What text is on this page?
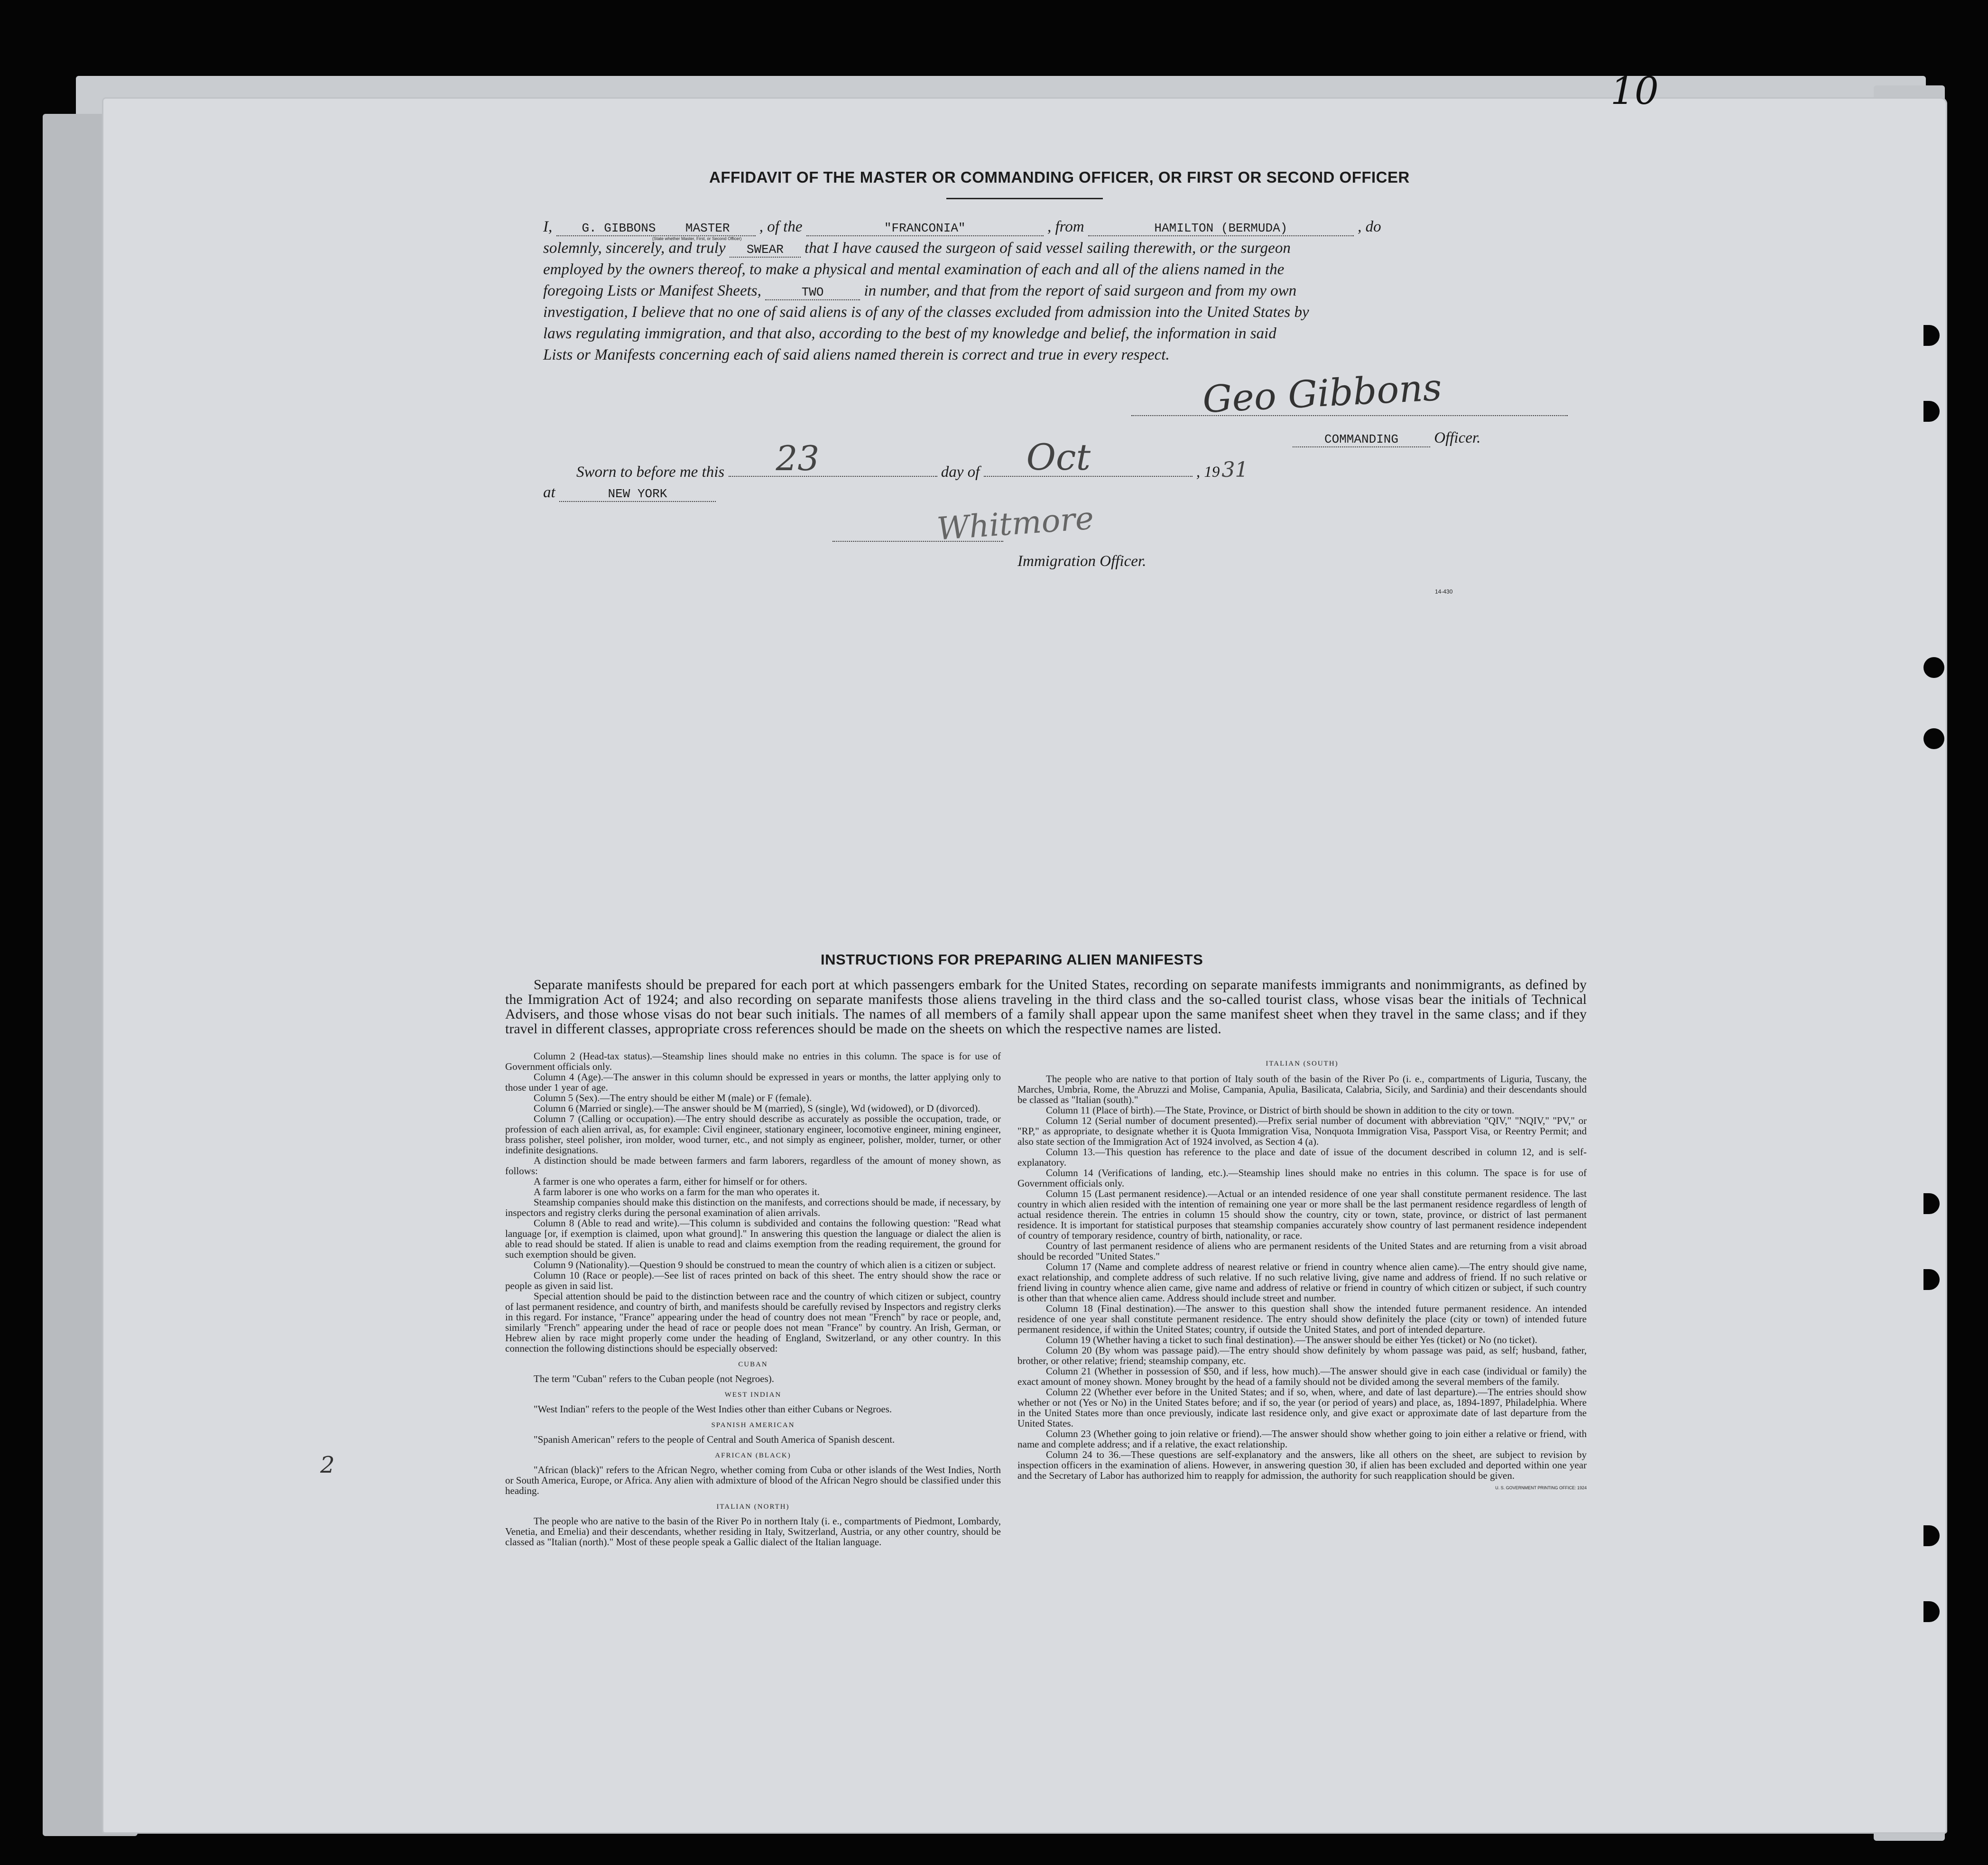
10
AFFIDAVIT OF THE MASTER OR COMMANDING OFFICER, OR FIRST OR SECOND OFFICER
I, G. GIBBONS MASTER , of the	"FRANCONIA"	, from	HAMILTON (BERMUDA)	, do
(State whether Master, First, or Second Officer)
solemnly, sincerely, and truly SWEAR that I have caused the surgeon of said vessel sailing therewith, or the surgeon
employed by the owners thereof, to make a physical and mental examination of each and all of the aliens named in the
foregoing Lists or Manifest Sheets,	TWO	in number, and that from the report of said surgeon and from my own
investigation, I believe that no one of said aliens is of any of the classes excluded from admission into the United States by
laws regulating immigration, and that also, according to the best of my knowledge and belief, the information in said
Lists or Manifests concerning each of said aliens named therein is correct and true in every respect.
Geo Gibbons
COMMANDING Officer.
Sworn to before me this 23	day of Oct	, 1931
at	NEW YORK
Whitmore
Immigration Officer.
14-430
INSTRUCTIONS FOR PREPARING ALIEN MANIFESTS
Separate manifests should be prepared for each port at which passengers embark for the United States, recording on separate manifests immigrants and nonimmigrants, as defined by the Immigration Act of 1924; and also recording on separate manifests those aliens traveling in the third class and the so-called tourist class, whose visas bear the initials of Technical Advisers, and those whose visas do not bear such initials. The names of all members of a family shall appear upon the same manifest sheet when they travel in the same class; and if they travel in different classes, appropriate cross references should be made on the sheets on which the respective names are listed.

Column 2 (Head-tax status).—Steamship lines should make no entries in this column. The space is for use of Government officials only.

Column 4 (Age).—The answer in this column should be expressed in years or months, the latter applying only to those under 1 year of age.

Column 5 (Sex).—The entry should be either M (male) or F (female).

Column 6 (Married or single).—The answer should be M (married), S (single), Wd (widowed), or D (divorced).

Column 7 (Calling or occupation).—The entry should describe as accurately as possible the occupation, trade, or profession of each alien arrival, as, for example: Civil engineer, stationary engineer, locomotive engineer, mining engineer, brass polisher, steel polisher, iron molder, wood turner, etc., and not simply as engineer, polisher, molder, turner, or other indefinite designations.

A distinction should be made between farmers and farm laborers, regardless of the amount of money shown, as follows:

A farmer is one who operates a farm, either for himself or for others.

A farm laborer is one who works on a farm for the man who operates it.

Steamship companies should make this distinction on the manifests, and corrections should be made, if necessary, by inspectors and registry clerks during the personal examination of alien arrivals.

Column 8 (Able to read and write).—This column is subdivided and contains the following question: "Read what language [or, if exemption is claimed, upon what ground]." In answering this question the language or dialect the alien is able to read should be stated. If alien is unable to read and claims exemption from the reading requirement, the ground for such exemption should be given.

Column 9 (Nationality).—Question 9 should be construed to mean the country of which alien is a citizen or subject.

Column 10 (Race or people).—See list of races printed on back of this sheet. The entry should show the race or people as given in said list.

Special attention should be paid to the distinction between race and the country of which citizen or subject, country of last permanent residence, and country of birth, and manifests should be carefully revised by Inspectors and registry clerks in this regard. For instance, "France" appearing under the head of country does not mean "French" by race or people, and, similarly "French" appearing under the head of race or people does not mean "France" by country. An Irish, German, or Hebrew alien by race might properly come under the heading of England, Switzerland, or any other country. In this connection the following distinctions should be especially observed:

CUBAN

The term "Cuban" refers to the Cuban people (not Negroes).

WEST INDIAN

"West Indian" refers to the people of the West Indies other than either Cubans or Negroes.

SPANISH AMERICAN

"Spanish American" refers to the people of Central and South America of Spanish descent.

AFRICAN (BLACK)

"African (black)" refers to the African Negro, whether coming from Cuba or other islands of the West Indies, North or South America, Europe, or Africa. Any alien with admixture of blood of the African Negro should be classified under this heading.

ITALIAN (NORTH)

The people who are native to the basin of the River Po in northern Italy (i. e., compartments of Piedmont, Lombardy, Venetia, and Emelia) and their descendants, whether residing in Italy, Switzerland, Austria, or any other country, should be classed as "Italian (north)." Most of these people speak a Gallic dialect of the Italian language.

ITALIAN (SOUTH)

The people who are native to that portion of Italy south of the basin of the River Po (i. e., compartments of Liguria, Tuscany, the Marches, Umbria, Rome, the Abruzzi and Molise, Campania, Apulia, Basilicata, Calabria, Sicily, and Sardinia) and their descendants should be classed as "Italian (south)."

Column 11 (Place of birth).—The State, Province, or District of birth should be shown in addition to the city or town.

Column 12 (Serial number of document presented).—Prefix serial number of document with abbreviation "QIV," "NQIV," "PV," or "RP," as appropriate, to designate whether it is Quota Immigration Visa, Nonquota Immigration Visa, Passport Visa, or Reentry Permit; and also state section of the Immigration Act of 1924 involved, as Section 4 (a).

Column 13.—This question has reference to the place and date of issue of the document described in column 12, and is self-explanatory.

Column 14 (Verifications of landing, etc.).—Steamship lines should make no entries in this column. The space is for use of Government officials only.

Column 15 (Last permanent residence).—Actual or an intended residence of one year shall constitute permanent residence. The last country in which alien resided with the intention of remaining one year or more shall be the last permanent residence regardless of length of actual residence therein. The entries in column 15 should show the country, city or town, state, province, or district of last permanent residence. It is important for statistical purposes that steamship companies accurately show country of last permanent residence independent of country of temporary residence, country of birth, nationality, or race.

Country of last permanent residence of aliens who are permanent residents of the United States and are returning from a visit abroad should be recorded "United States."

Column 17 (Name and complete address of nearest relative or friend in country whence alien came).—The entry should give name, exact relationship, and complete address of such relative. If no such relative living, give name and address of friend. If no such relative or friend living in country whence alien came, give name and address of relative or friend in country of which citizen or subject, if such country is other than that whence alien came. Address should include street and number.

Column 18 (Final destination).—The answer to this question shall show the intended future permanent residence. An intended residence of one year shall constitute permanent residence. The entry should show definitely the place (city or town) of intended future permanent residence, if within the United States; country, if outside the United States, and port of intended departure.

Column 19 (Whether having a ticket to such final destination).—The answer should be either Yes (ticket) or No (no ticket).

Column 20 (By whom was passage paid).—The entry should show definitely by whom passage was paid, as self; husband, father, brother, or other relative; friend; steamship company, etc.

Column 21 (Whether in possession of $50, and if less, how much).—The answer should give in each case (individual or family) the exact amount of money shown. Money brought by the head of a family should not be divided among the several members of the family.

Column 22 (Whether ever before in the United States; and if so, when, where, and date of last departure).—The entries should show whether or not (Yes or No) in the United States before; and if so, the year (or period of years) and place, as, 1894-1897, Philadelphia. Where in the United States more than once previously, indicate last residence only, and give exact or approximate date of last departure from the United States.

Column 23 (Whether going to join relative or friend).—The answer should show whether going to join either a relative or friend, with name and complete address; and if a relative, the exact relationship.

Column 24 to 36.—These questions are self-explanatory and the answers, like all others on the sheet, are subject to revision by inspection officers in the examination of aliens. However, in answering question 30, if alien has been excluded and deported within one year and the Secretary of Labor has authorized him to reapply for admission, the authority for such reapplication should be given.

U. S. GOVERNMENT PRINTING OFFICE: 1924
2
